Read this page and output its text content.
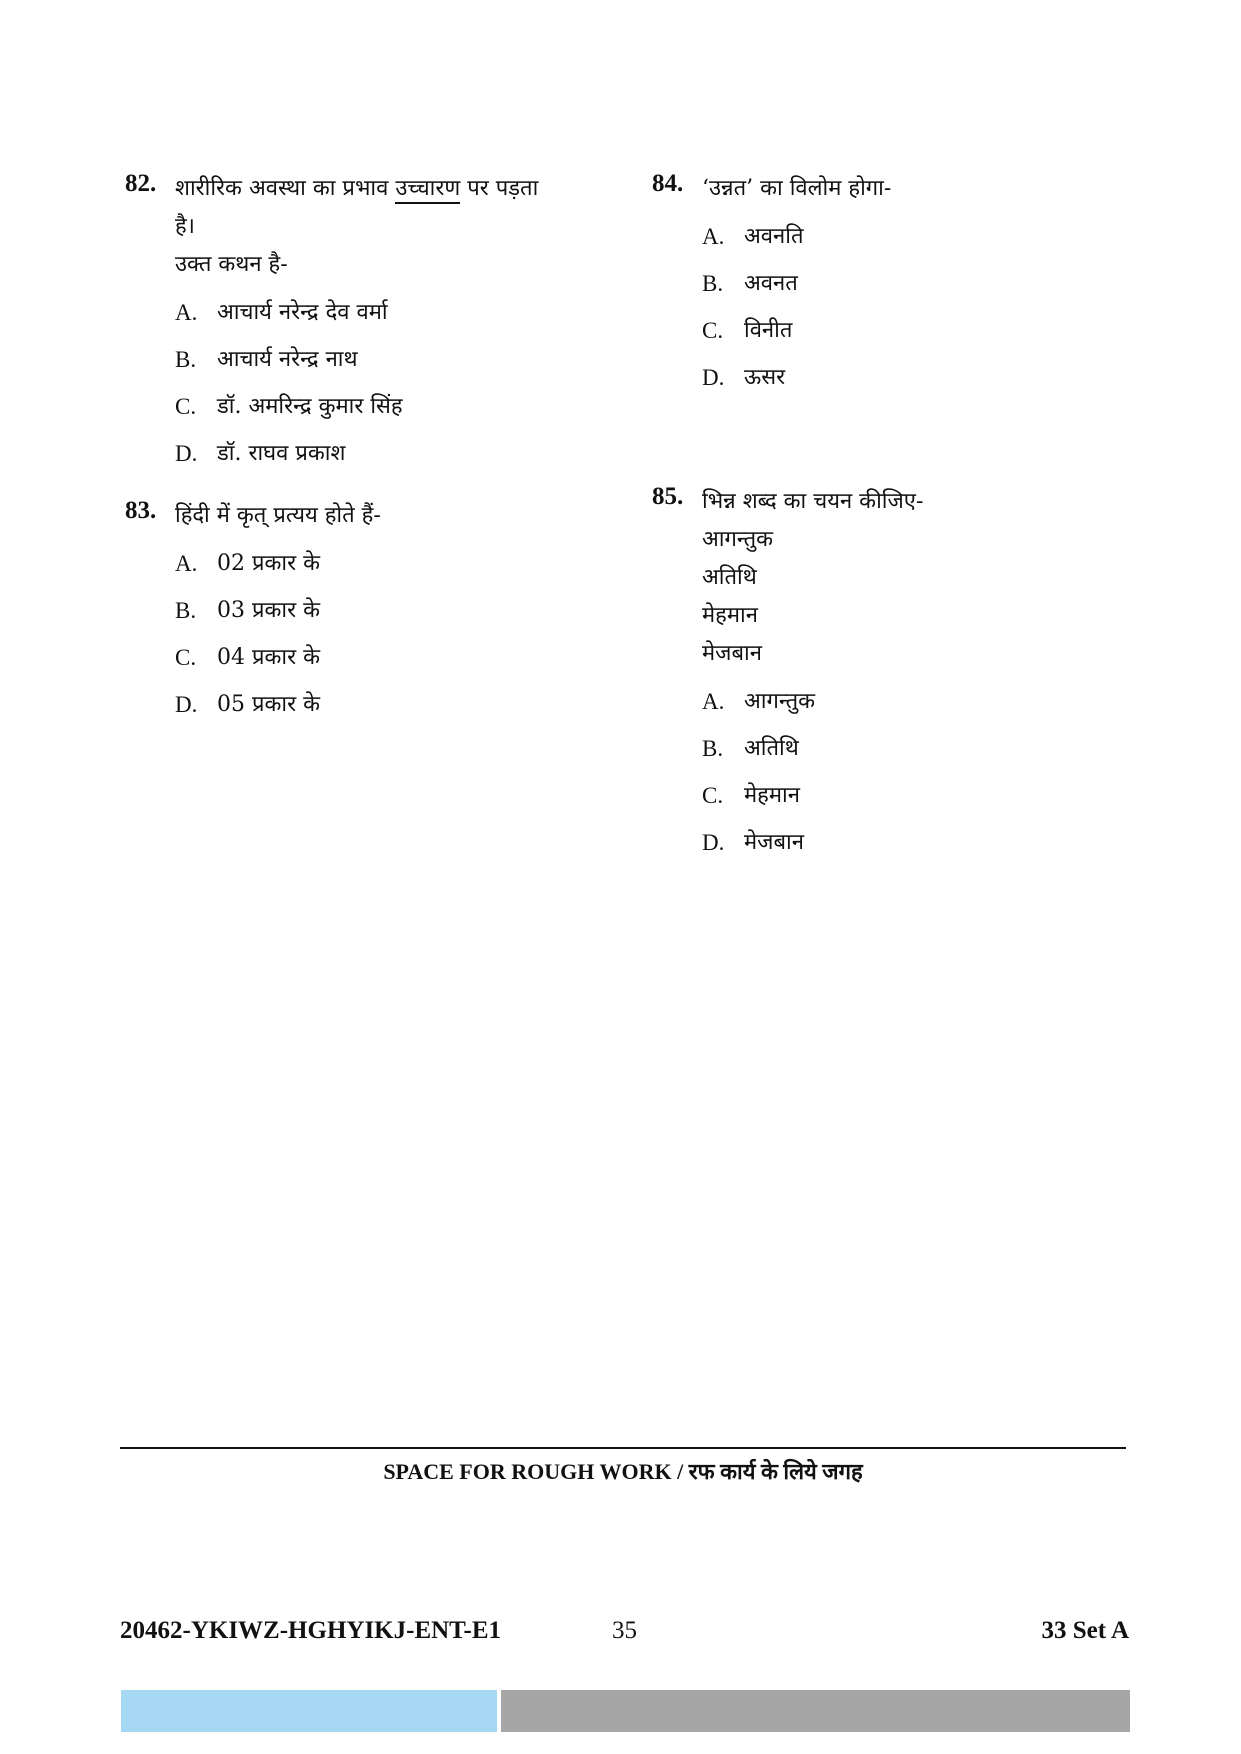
82. शारीरिक अवस्था का प्रभाव उच्चारण पर पड़ता
है।
उक्त कथन है-
A. आचार्य नरेन्द्र देव वर्मा
B. आचार्य नरेन्द्र नाथ
C. डॉ. अमरिन्द्र कुमार सिंह
D. डॉ. राघव प्रकाश
83. हिंदी में कृत् प्रत्यय होते हैं-
A. 02 प्रकार के
B. 03 प्रकार के
C. 04 प्रकार के
D. 05 प्रकार के
84. ‘उन्नत’ का विलोम होगा-
A. अवनति
B. अवनत
C. विनीत
D. ऊसर
85. भिन्न शब्द का चयन कीजिए-
आगन्तुक
अतिथि
मेहमान
मेजबान
A. आगन्तुक
B. अतिथि
C. मेहमान
D. मेजबान
SPACE FOR ROUGH WORK / रफ कार्य के लिये जगह
20462-YKIWZ-HGHYIKJ-ENT-E1	35	33 Set A
